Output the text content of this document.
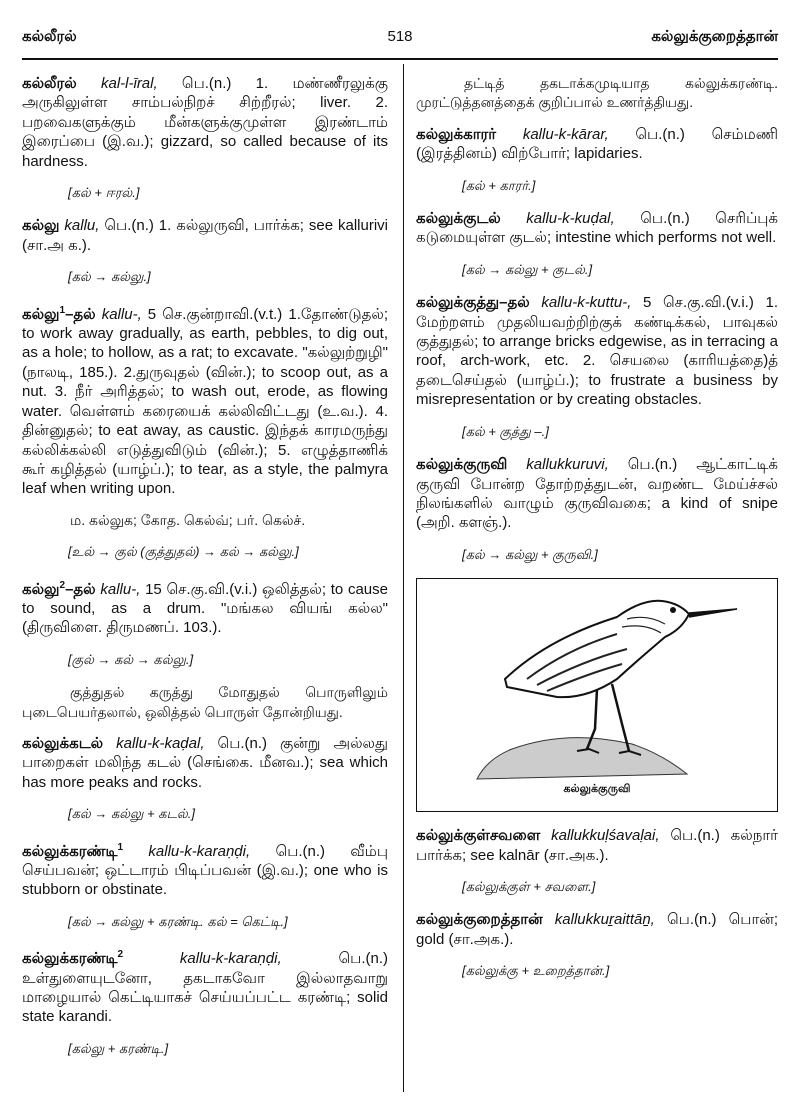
கல்லீரல்	518	கல்லுக்குறைத்தான்
கல்லீரல் kal-l-īral, பெ.(n.) 1. மண்ணீரலுக்கு அருகிலுள்ள சாம்பல்நிறச் சிற்றீரல்; liver. 2. பறவைகளுக்கும் மீன்களுக்குமுள்ள இரண்டாம் இரைப்பை (இ.வ.); gizzard, so called because of its hardness.
[கல் + ஈரல்.]
கல்லு kallu, பெ.(n.) 1. கல்லுருவி, பார்க்க; see kallurivi (சா.அ க.).
[கல் → கல்லு.]
கல்லு$^1$–தல் kallu-, 5 செ.குன்றாவி.(v.t.) 1.தோண்டுதல்; to work away gradually, as earth, pebbles, to dig out, as a hole; to hollow, as a rat; to excavate. "கல்லுற்றுழி" (நாலடி, 185.). 2.துருவுதல் (வின்.); to scoop out, as a nut. 3. நீர் அரித்தல்; to wash out, erode, as flowing water. வெள்ளம் கரையைக் கல்லிவிட்டது (உ.வ.). 4. தின்னுதல்; to eat away, as caustic. இந்தக் காரமருந்து கல்லிக்கல்லி எடுத்துவிடும் (வின்.); 5. எழுத்தாணிக் கூர் கழித்தல் (யாழ்ப்.); to tear, as a style, the palmyra leaf when writing upon.
ம. கல்லுக; கோத. கெல்வ்; பர். கெல்ச்.
[உல் → குல் (குத்துதல்) → கல் → கல்லு.]
கல்லு$^2$–தல் kallu-, 15 செ.கு.வி.(v.i.) ஒலித்தல்; to cause to sound, as a drum. "மங்கல வியங் கல்ல" (திருவிளை. திருமணப். 103.).
[குல் → கல் → கல்லு.]
குத்துதல் கருத்து மோதுதல் பொருளிலும் புடைபெயர்தலால், ஒலித்தல் பொருள் தோன்றியது.
கல்லுக்கடல் kallu-k-kaḍal, பெ.(n.) குன்று அல்லது பாறைகள் மலிந்த கடல் (செங்கை. மீனவ.); sea which has more peaks and rocks.
[கல் → கல்லு + கடல்.]
கல்லுக்கரண்டி$^1$ kallu-k-karaṇḍi, பெ.(n.) வீம்பு செய்பவன்; ஒட்டாரம் பிடிப்பவன் (இ.வ.); one who is stubborn or obstinate.
[கல் → கல்லு + கரண்டி. கல் = கெட்டி.]
கல்லுக்கரண்டி$^2$	kallu-k-karaṇḍi, பெ.(n.) உள்துளையுடனோ, தகடாகவோ இல்லாதவாறு மாழையால் கெட்டியாகச் செய்யப்பட்ட கரண்டி; solid state karandi.
[கல்லு + கரண்டி.]
தட்டித் தகடாக்கமுடியாத கல்லுக்கரண்டி. முரட்டுத்தனத்தைக் குறிப்பால் உணர்த்தியது.
கல்லுக்காரர் kallu-k-kārar, பெ.(n.) செம்மணி (இரத்தினம்) விற்போர்; lapidaries.
[கல் + காரர்.]
கல்லுக்குடல் kallu-k-kuḍal, பெ.(n.) செரிப்புக் கடுமையுள்ள குடல்; intestine which performs not well.
[கல் → கல்லு + குடல்.]
கல்லுக்குத்து–தல் kallu-k-kuttu-, 5 செ.கு.வி.(v.i.) 1. மேற்றளம் முதலியவற்றிற்குக் கண்டிக்கல், பாவுகல் குத்துதல்; to arrange bricks edgewise, as in terracing a roof, arch-work, etc. 2. செயலை (காரியத்தை)த் தடைசெய்தல் (யாழ்ப்.); to frustrate a business by misrepresentation or by creating obstacles.
[கல் + குத்து –.]
கல்லுக்குருவி kallukkuruvi, பெ.(n.) ஆட்காட்டிக் குருவி போன்ற தோற்றத்துடன், வறண்ட மேய்ச்சல் நிலங்களில் வாழும் குருவிவகை; a kind of snipe (அறி. களஞ்.).
[கல் → கல்லு + குருவி.]
கல்லுக்குருவி
கல்லுக்குள்சவளை kallukkuḷśavaḷai, பெ.(n.) கல்நார் பார்க்க; see kalnār (சா.அக.).
[கல்லுக்குள் + சவளை.]
கல்லுக்குறைத்தான் kallukkuṟaittāṉ, பெ.(n.) பொன்; gold (சா.அக.).
[கல்லுக்கு + உறைத்தான்.]
